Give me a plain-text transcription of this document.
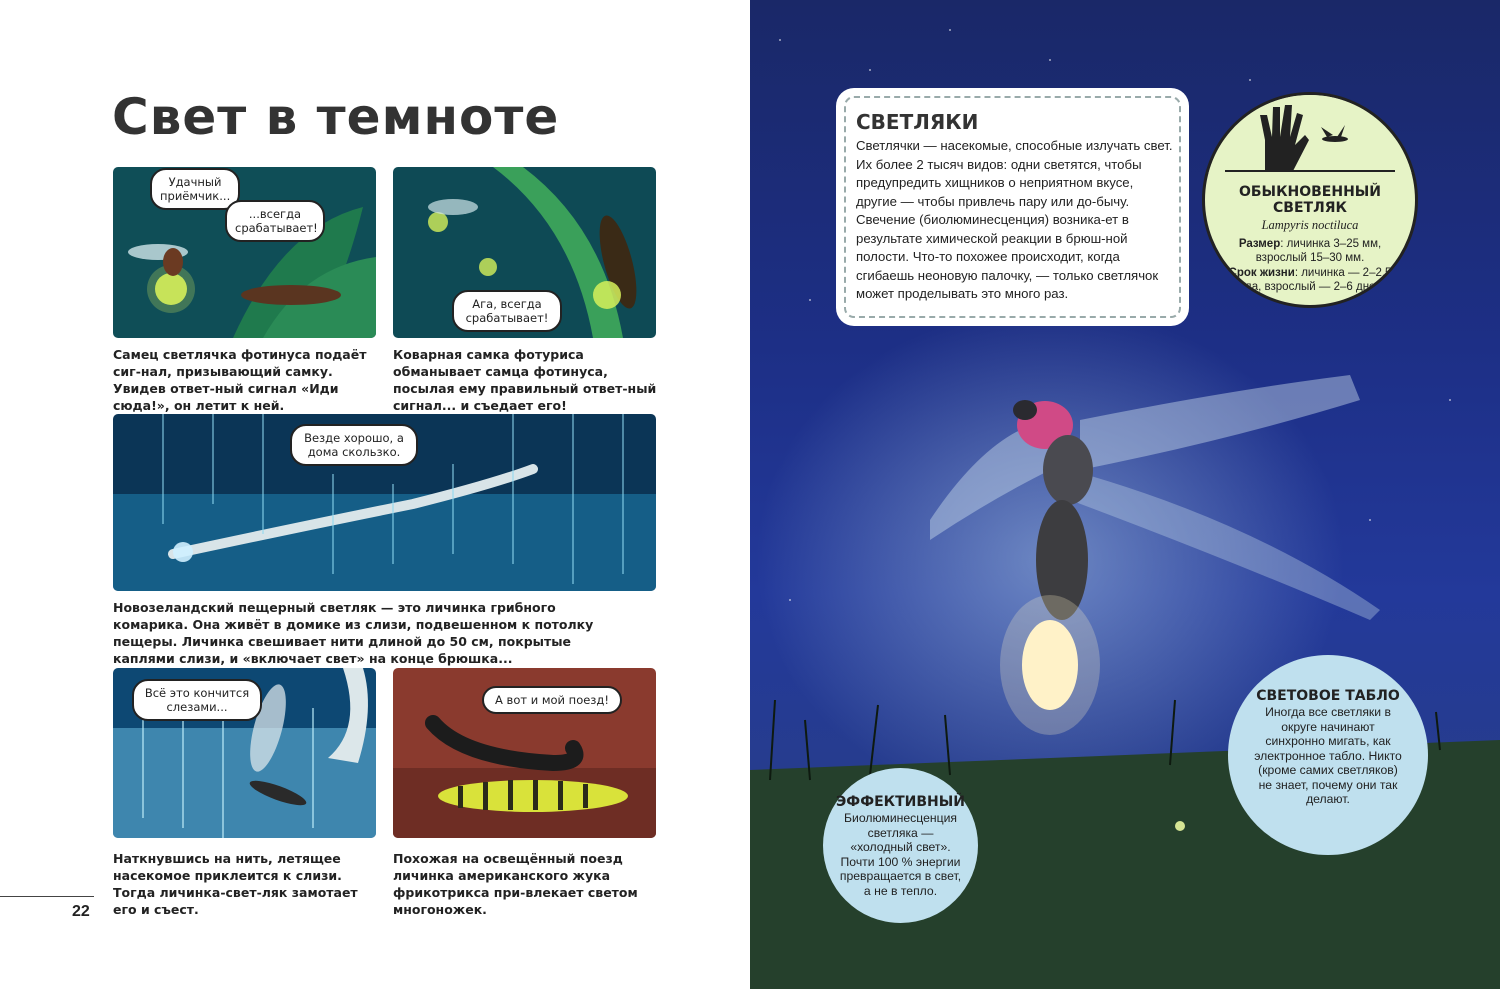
Свет в темноте
Удачный приёмчик...
...всегда срабатывает!
Самец светлячка фотинуса подаёт сиг-нал, призывающий самку. Увидев ответ-ный сигнал «Иди сюда!», он летит к ней.
Ага, всегда срабатывает!
Коварная самка фотуриса обманывает самца фотинуса, посылая ему правильный ответ-ный сигнал... и съедает его!
Везде хорошо, а дома скользко.
Новозеландский пещерный светляк — это личинка грибного комарика. Она живёт в домике из слизи, подвешенном к потолку пещеры. Личинка свешивает нити длиной до 50 см, покрытые каплями слизи, и «включает свет» на конце брюшка...
Всё это кончится слезами...
Наткнувшись на нить, летящее насекомое приклеится к слизи. Тогда личинка-свет-ляк замотает его и съест.
А вот и мой поезд!
Похожая на освещённый поезд личинка американского жука фрикотрикса при-влекает светом многоножек.
22
СВЕТЛЯКИ
Светлячки — насекомые, способные излучать свет. Их более 2 тысяч видов: одни светятся, чтобы предупредить хищников о неприятном вкусе, другие — чтобы привлечь пару или до-бычу. Свечение (биолюминесценция) возника-ет в результате химической реакции в брюш-ной полости. Что-то похожее происходит, когда сгибаешь неоновую палочку, — только светлячок может проделывать это много раз.
ОБЫКНОВЕННЫЙ СВЕТЛЯК
Lampyris noctiluca
Размер: личинка 3–25 мм, взрослый 15–30 мм.
Срок жизни: личинка — 2–2,5 года, взрослый — 2–6 дней.
ЭФФЕКТИВНЫЙ
Биолюминесценция светляка — «холодный свет». Почти 100 % энергии превращается в свет, а не в тепло.
СВЕТОВОЕ ТАБЛО
Иногда все светляки в округе начинают синхронно мигать, как электронное табло. Никто (кроме самих светляков) не знает, почему они так делают.
